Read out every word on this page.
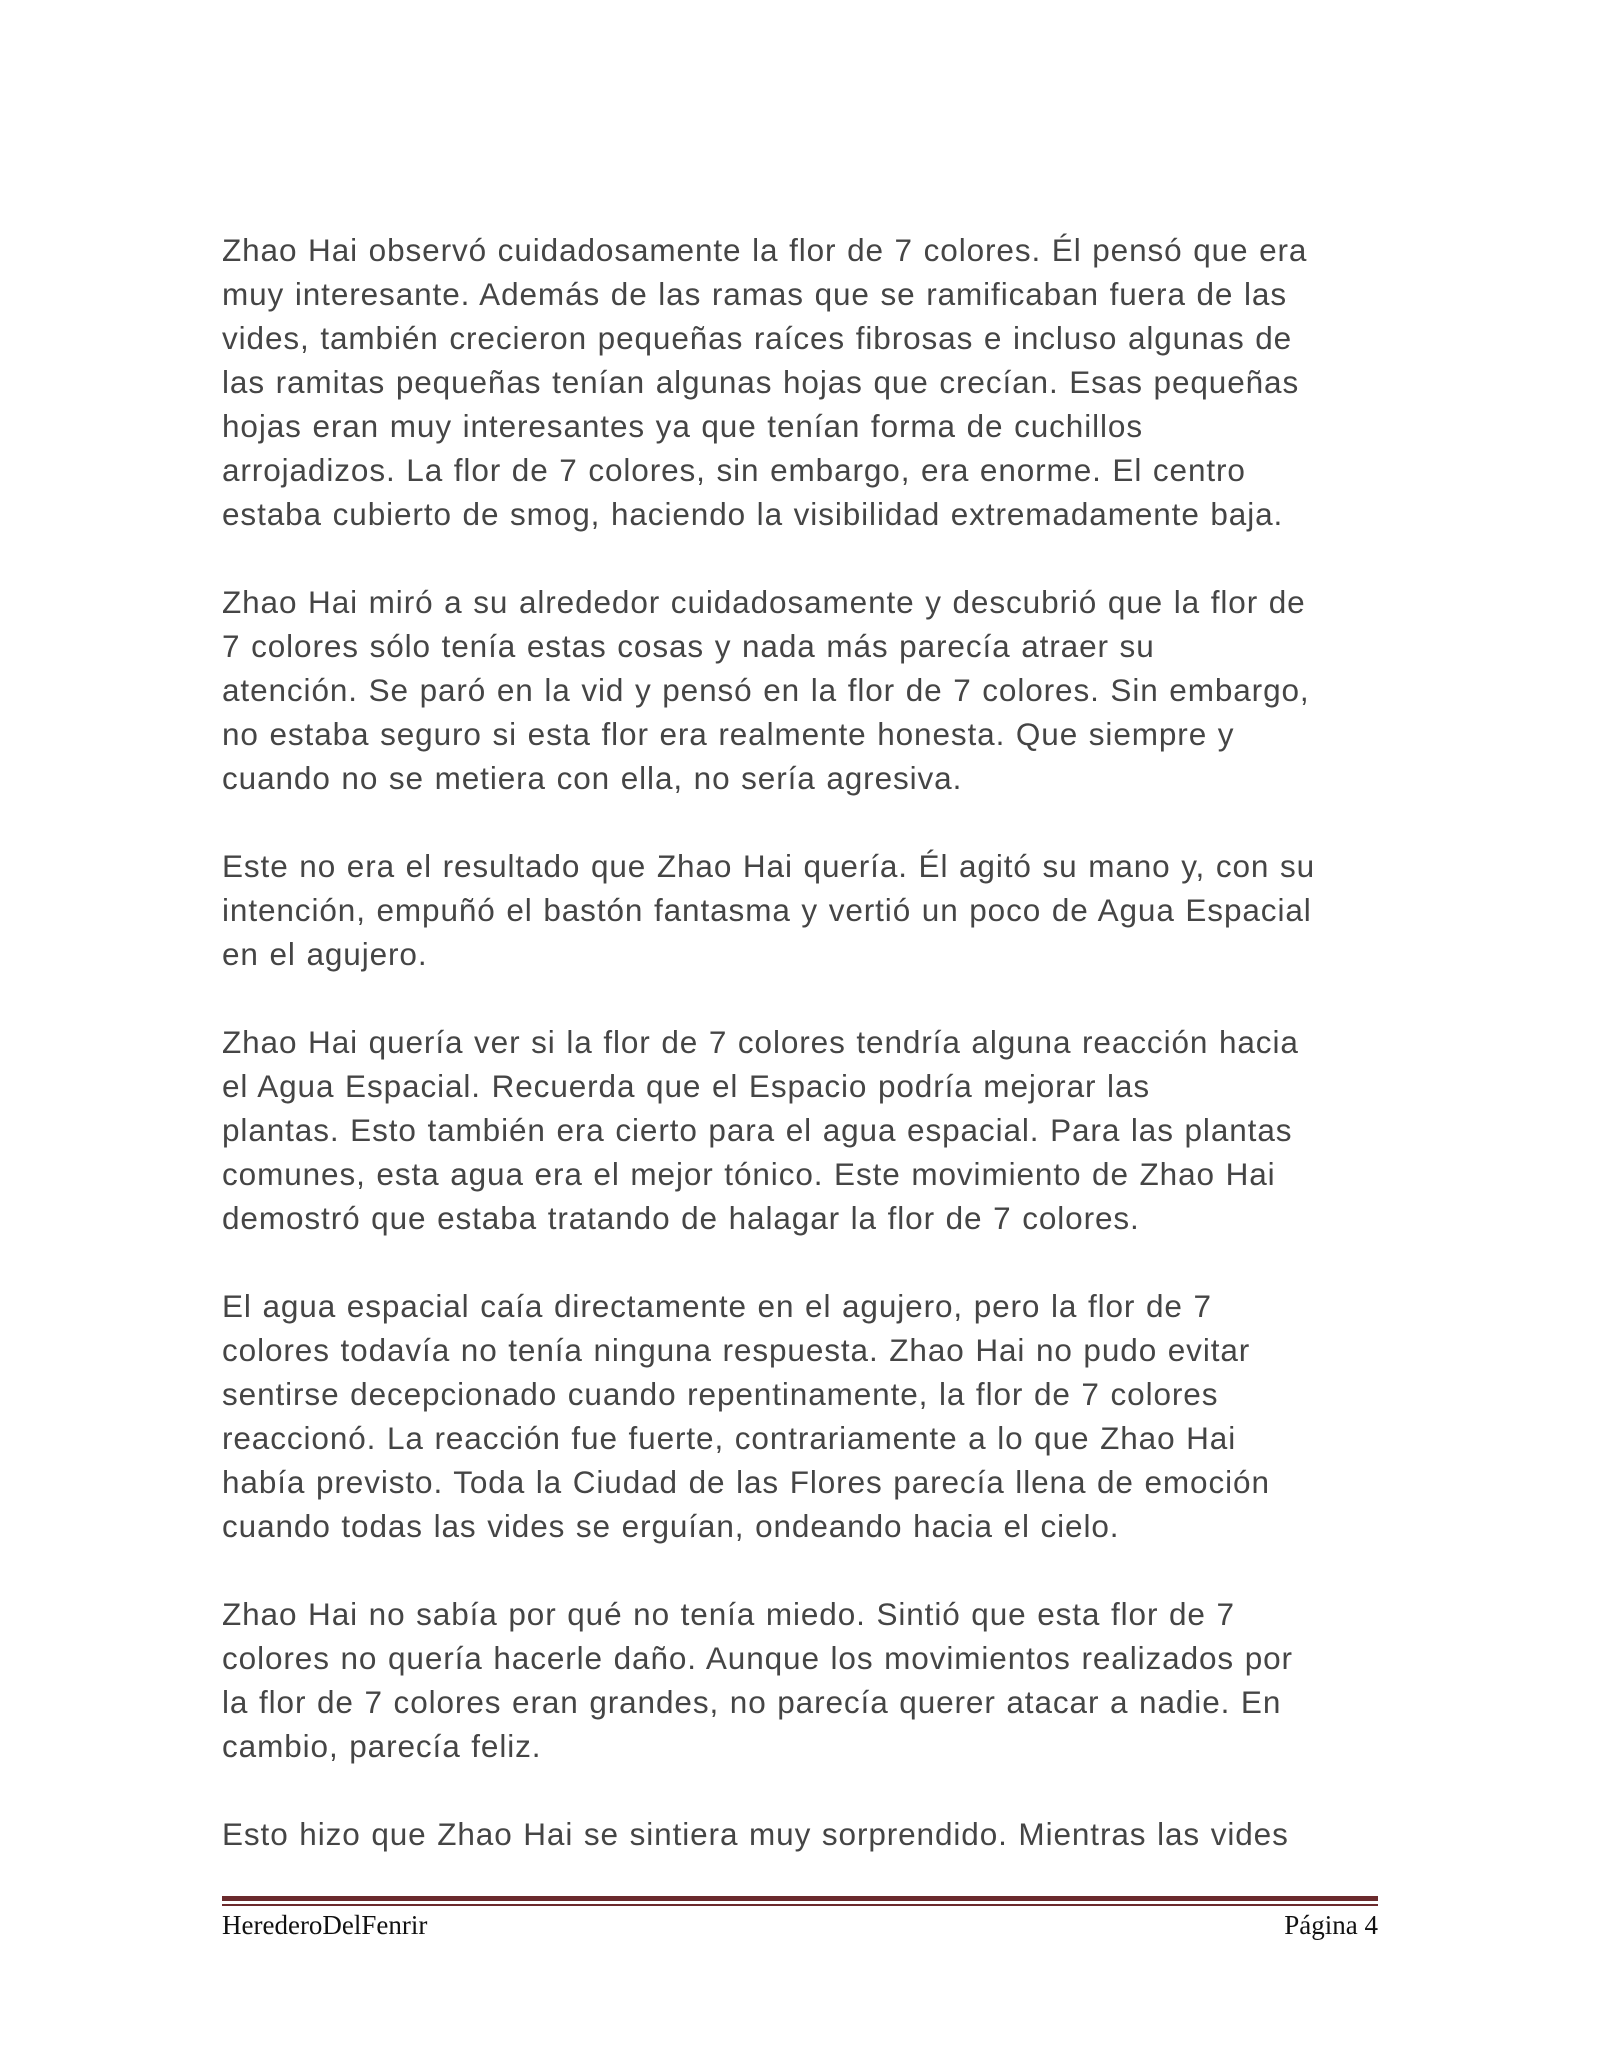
Zhao Hai observó cuidadosamente la flor de 7 colores. Él pensó que era
muy interesante. Además de las ramas que se ramificaban fuera de las
vides, también crecieron pequeñas raíces fibrosas e incluso algunas de
las ramitas pequeñas tenían algunas hojas que crecían. Esas pequeñas
hojas eran muy interesantes ya que tenían forma de cuchillos
arrojadizos. La flor de 7 colores, sin embargo, era enorme. El centro
estaba cubierto de smog, haciendo la visibilidad extremadamente baja.

Zhao Hai miró a su alrededor cuidadosamente y descubrió que la flor de
7 colores sólo tenía estas cosas y nada más parecía atraer su
atención. Se paró en la vid y pensó en la flor de 7 colores. Sin embargo,
no estaba seguro si esta flor era realmente honesta. Que siempre y
cuando no se metiera con ella, no sería agresiva.

Este no era el resultado que Zhao Hai quería. Él agitó su mano y, con su
intención, empuñó el bastón fantasma y vertió un poco de Agua Espacial
en el agujero.

Zhao Hai quería ver si la flor de 7 colores tendría alguna reacción hacia
el Agua Espacial. Recuerda que el Espacio podría mejorar las
plantas. Esto también era cierto para el agua espacial. Para las plantas
comunes, esta agua era el mejor tónico. Este movimiento de Zhao Hai
demostró que estaba tratando de halagar la flor de 7 colores.

El agua espacial caía directamente en el agujero, pero la flor de 7
colores todavía no tenía ninguna respuesta. Zhao Hai no pudo evitar
sentirse decepcionado cuando repentinamente, la flor de 7 colores
reaccionó. La reacción fue fuerte, contrariamente a lo que Zhao Hai
había previsto. Toda la Ciudad de las Flores parecía llena de emoción
cuando todas las vides se erguían, ondeando hacia el cielo.

Zhao Hai no sabía por qué no tenía miedo. Sintió que esta flor de 7
colores no quería hacerle daño. Aunque los movimientos realizados por
la flor de 7 colores eran grandes, no parecía querer atacar a nadie. En
cambio, parecía feliz.

Esto hizo que Zhao Hai se sintiera muy sorprendido. Mientras las vides

HerederoDelFenrir	Página 4
